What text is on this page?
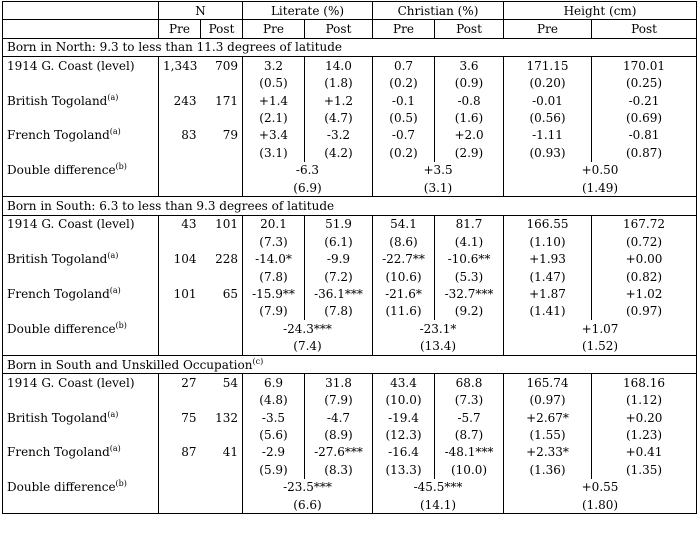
	N		Literate (%)		Christian (%)		Height (cm)	
	Pre	Post	Pre	Post	Pre	Post	Pre	Post
Born in North: 9.3 to less than 11.3 degrees of latitude								
1914 G. Coast (level)	1,343	709	3.2	14.0	0.7	3.6	171.15	170.01
			(0.5)	(1.8)	(0.2)	(0.9)	(0.20)	(0.25)
British Togoland$^{(a)}$	243	171	+1.4	+1.2	-0.1	-0.8	-0.01	-0.21
			(2.1)	(4.7)	(0.5)	(1.6)	(0.56)	(0.69)
French Togoland$^{(a)}$	83	79	+3.4	-3.2	-0.7	+2.0	-1.11	-0.81
			(3.1)	(4.2)	(0.2)	(2.9)	(0.93)	(0.87)
Double difference$^{(b)}$			-6.3		+3.5		+0.50	
			(6.9)		(3.1)		(1.49)	
Born in South: 6.3 to less than 9.3 degrees of latitude								
1914 G. Coast (level)	43	101	20.1	51.9	54.1	81.7	166.55	167.72
			(7.3)	(6.1)	(8.6)	(4.1)	(1.10)	(0.72)
British Togoland$^{(a)}$	104	228	-14.0*	-9.9	-22.7**	-10.6**	+1.93	+0.00
			(7.8)	(7.2)	(10.6)	(5.3)	(1.47)	(0.82)
French Togoland$^{(a)}$	101	65	-15.9**	-36.1***	-21.6*	-32.7***	+1.87	+1.02
			(7.9)	(7.8)	(11.6)	(9.2)	(1.41)	(0.97)
Double difference$^{(b)}$			-24.3***		-23.1*		+1.07	
			(7.4)		(13.4)		(1.52)	
Born in South and Unskilled Occupation$^{(c)}$
1914 G. Coast (level)	27	54	6.9	31.8	43.4	68.8	165.74	168.16
			(4.8)	(7.9)	(10.0)	(7.3)	(0.97)	(1.12)
British Togoland$^{(a)}$	75	132	-3.5	-4.7	-19.4	-5.7	+2.67*	+0.20
			(5.6)	(8.9)	(12.3)	(8.7)	(1.55)	(1.23)
French Togoland$^{(a)}$	87	41	-2.9	-27.6***	-16.4	-48.1***	+2.33*	+0.41
			(5.9)	(8.3)	(13.3)	(10.0)	(1.36)	(1.35)
Double difference$^{(b)}$			-23.5***		-45.5***		+0.55	
			(6.6)		(14.1)		(1.80)	
